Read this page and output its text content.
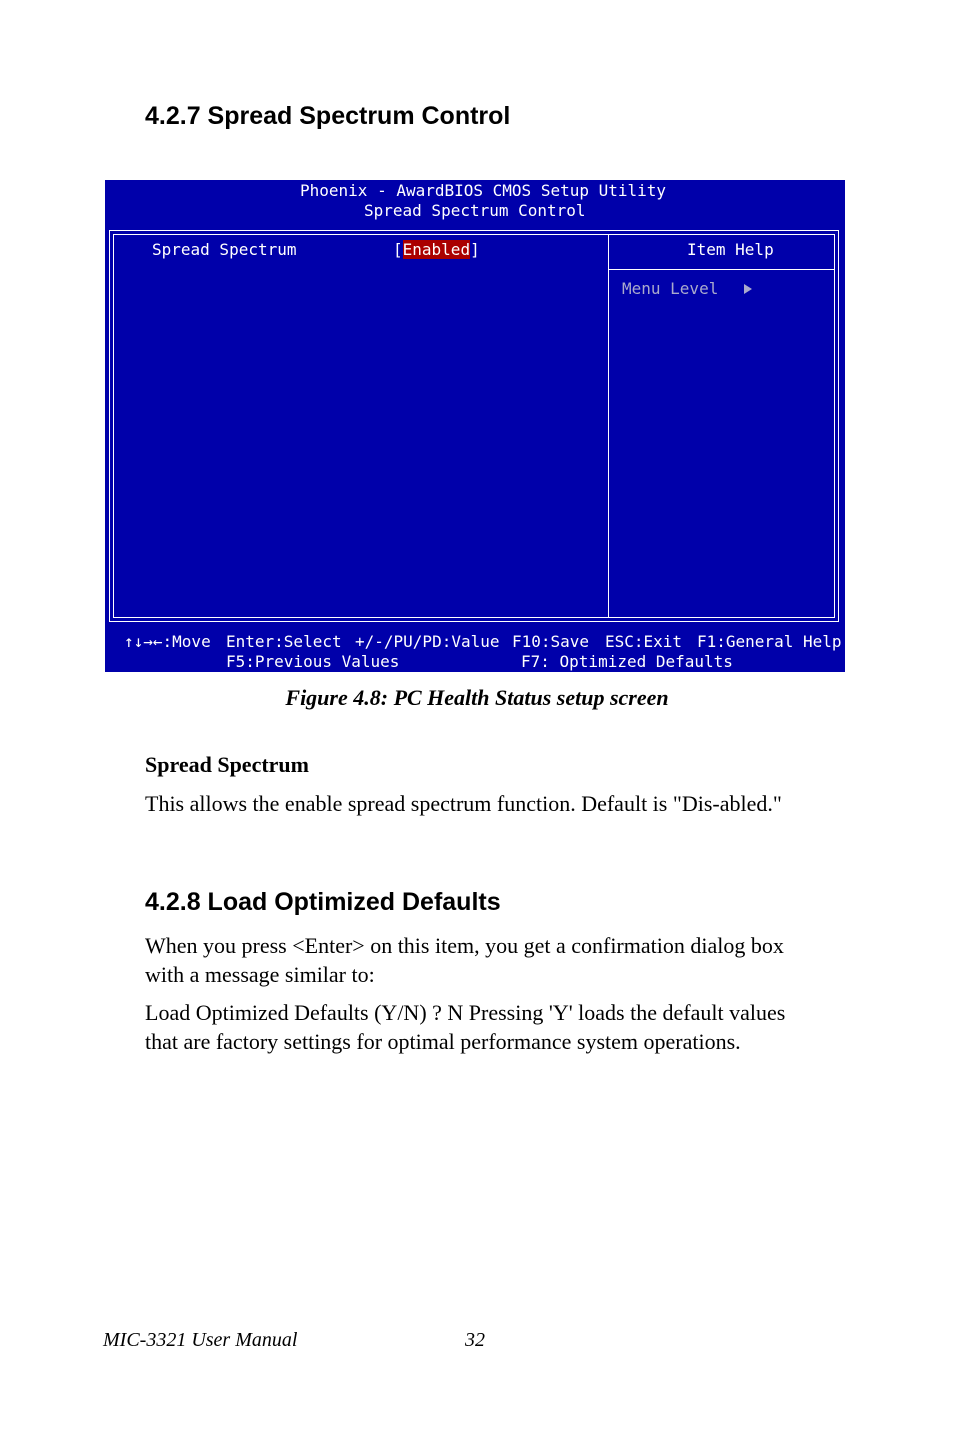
4.2.7 Spread Spectrum Control
Phoenix - AwardBIOS CMOS Setup Utility
Spread Spectrum Control
Spread Spectrum	[Enabled]	Item Help
Menu Level
↑↓→←:Move Enter:Select +/-/PU/PD:Value F10:Save ESC:Exit F1:General Help
F5:Previous Values	F7: Optimized Defaults
Figure 4.8: PC Health Status setup screen

Spread Spectrum

This allows the enable spread spectrum function. Default is "Dis-abled."

4.2.8 Load Optimized Defaults

When you press <Enter> on this item, you get a confirmation dialog box

with a message similar to:

Load Optimized Defaults (Y/N) ? N Pressing 'Y' loads the default values

that are factory settings for optimal performance system operations.

MIC-3321 User Manual	32
